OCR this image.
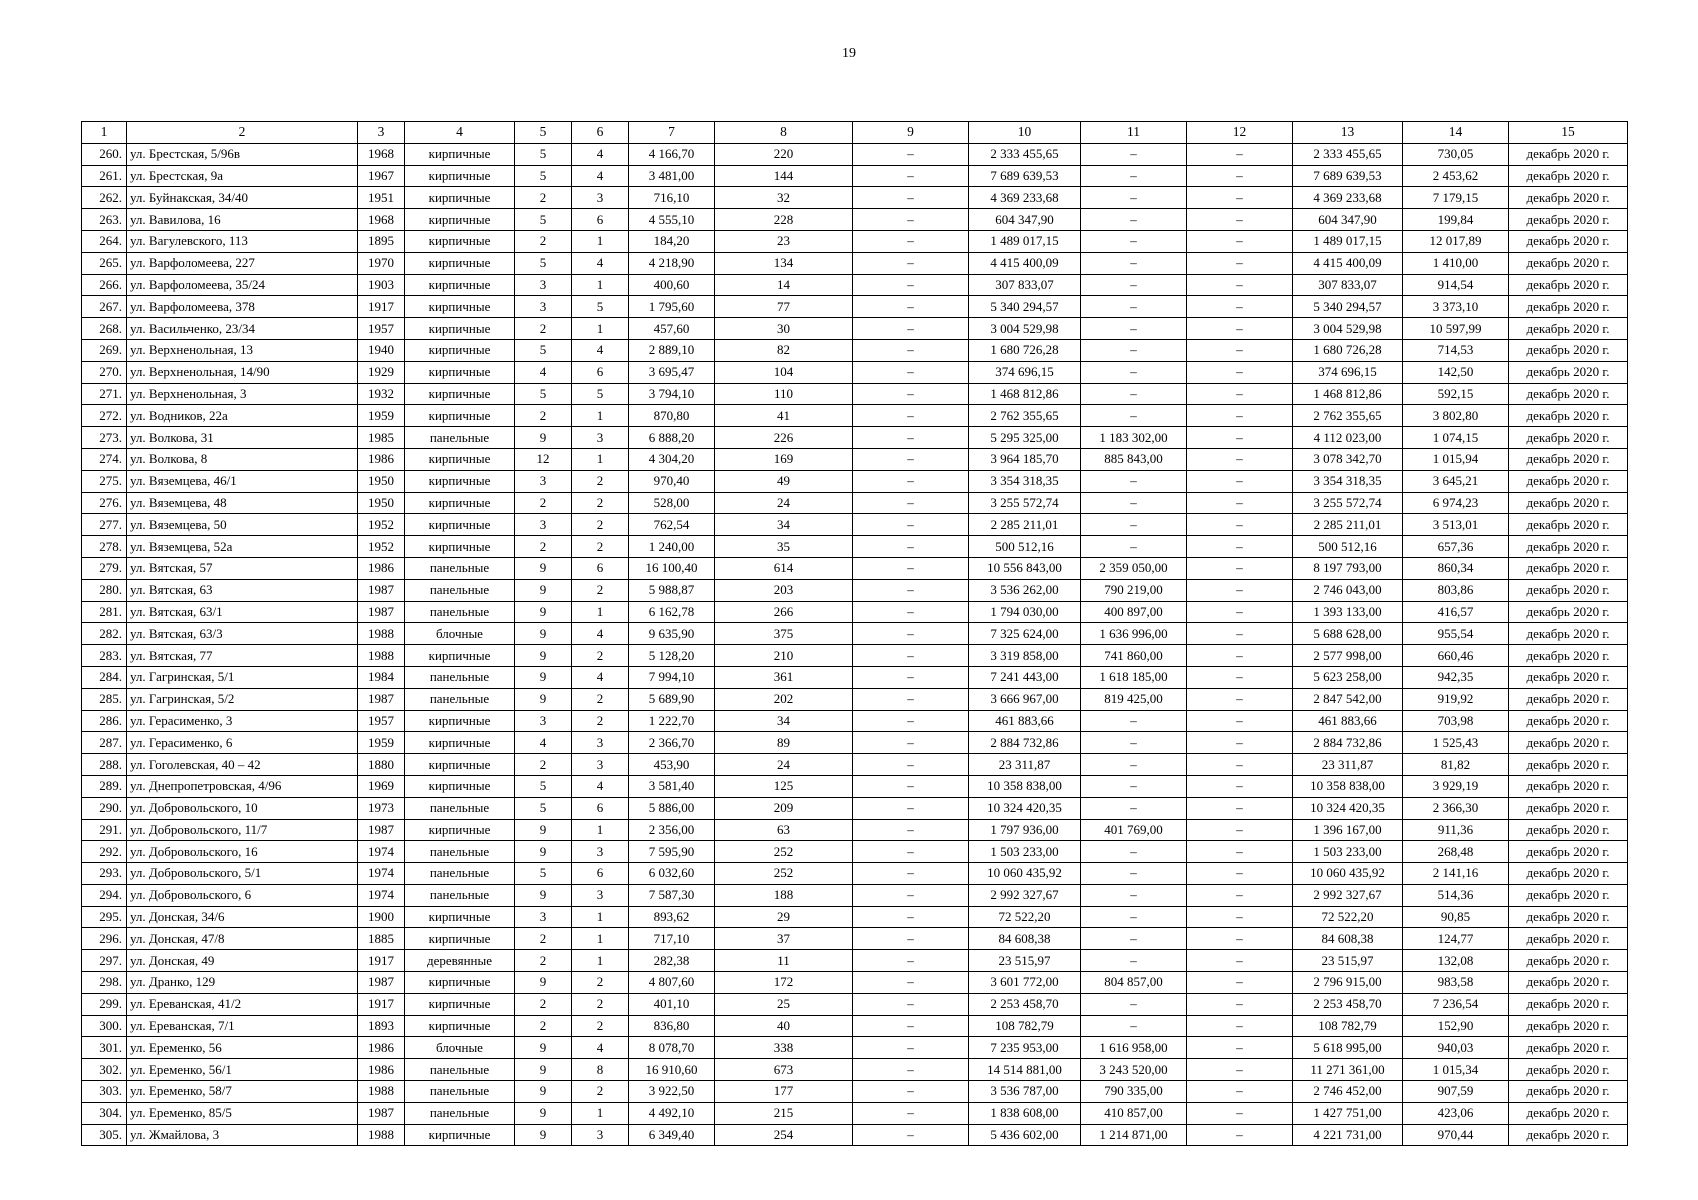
19
1	2	3	4	5	6	7	8	9	10	11	12	13	14	15
260.	ул. Брестская, 5/96в	1968	кирпичные	5	4	4 166,70	220	–	2 333 455,65	–	–	2 333 455,65	730,05	декабрь 2020 г.
261.	ул. Брестская, 9а	1967	кирпичные	5	4	3 481,00	144	–	7 689 639,53	–	–	7 689 639,53	2 453,62	декабрь 2020 г.
262.	ул. Буйнакская, 34/40	1951	кирпичные	2	3	716,10	32	–	4 369 233,68	–	–	4 369 233,68	7 179,15	декабрь 2020 г.
263.	ул. Вавилова, 16	1968	кирпичные	5	6	4 555,10	228	–	604 347,90	–	–	604 347,90	199,84	декабрь 2020 г.
264.	ул. Вагулевского, 113	1895	кирпичные	2	1	184,20	23	–	1 489 017,15	–	–	1 489 017,15	12 017,89	декабрь 2020 г.
265.	ул. Варфоломеева, 227	1970	кирпичные	5	4	4 218,90	134	–	4 415 400,09	–	–	4 415 400,09	1 410,00	декабрь 2020 г.
266.	ул. Варфоломеева, 35/24	1903	кирпичные	3	1	400,60	14	–	307 833,07	–	–	307 833,07	914,54	декабрь 2020 г.
267.	ул. Варфоломеева, 378	1917	кирпичные	3	5	1 795,60	77	–	5 340 294,57	–	–	5 340 294,57	3 373,10	декабрь 2020 г.
268.	ул. Васильченко, 23/34	1957	кирпичные	2	1	457,60	30	–	3 004 529,98	–	–	3 004 529,98	10 597,99	декабрь 2020 г.
269.	ул. Верхненольная, 13	1940	кирпичные	5	4	2 889,10	82	–	1 680 726,28	–	–	1 680 726,28	714,53	декабрь 2020 г.
270.	ул. Верхненольная, 14/90	1929	кирпичные	4	6	3 695,47	104	–	374 696,15	–	–	374 696,15	142,50	декабрь 2020 г.
271.	ул. Верхненольная, 3	1932	кирпичные	5	5	3 794,10	110	–	1 468 812,86	–	–	1 468 812,86	592,15	декабрь 2020 г.
272.	ул. Водников, 22а	1959	кирпичные	2	1	870,80	41	–	2 762 355,65	–	–	2 762 355,65	3 802,80	декабрь 2020 г.
273.	ул. Волкова, 31	1985	панельные	9	3	6 888,20	226	–	5 295 325,00	1 183 302,00	–	4 112 023,00	1 074,15	декабрь 2020 г.
274.	ул. Волкова, 8	1986	кирпичные	12	1	4 304,20	169	–	3 964 185,70	885 843,00	–	3 078 342,70	1 015,94	декабрь 2020 г.
275.	ул. Вяземцева, 46/1	1950	кирпичные	3	2	970,40	49	–	3 354 318,35	–	–	3 354 318,35	3 645,21	декабрь 2020 г.
276.	ул. Вяземцева, 48	1950	кирпичные	2	2	528,00	24	–	3 255 572,74	–	–	3 255 572,74	6 974,23	декабрь 2020 г.
277.	ул. Вяземцева, 50	1952	кирпичные	3	2	762,54	34	–	2 285 211,01	–	–	2 285 211,01	3 513,01	декабрь 2020 г.
278.	ул. Вяземцева, 52а	1952	кирпичные	2	2	1 240,00	35	–	500 512,16	–	–	500 512,16	657,36	декабрь 2020 г.
279.	ул. Вятская, 57	1986	панельные	9	6	16 100,40	614	–	10 556 843,00	2 359 050,00	–	8 197 793,00	860,34	декабрь 2020 г.
280.	ул. Вятская, 63	1987	панельные	9	2	5 988,87	203	–	3 536 262,00	790 219,00	–	2 746 043,00	803,86	декабрь 2020 г.
281.	ул. Вятская, 63/1	1987	панельные	9	1	6 162,78	266	–	1 794 030,00	400 897,00	–	1 393 133,00	416,57	декабрь 2020 г.
282.	ул. Вятская, 63/3	1988	блочные	9	4	9 635,90	375	–	7 325 624,00	1 636 996,00	–	5 688 628,00	955,54	декабрь 2020 г.
283.	ул. Вятская, 77	1988	кирпичные	9	2	5 128,20	210	–	3 319 858,00	741 860,00	–	2 577 998,00	660,46	декабрь 2020 г.
284.	ул. Гагринская, 5/1	1984	панельные	9	4	7 994,10	361	–	7 241 443,00	1 618 185,00	–	5 623 258,00	942,35	декабрь 2020 г.
285.	ул. Гагринская, 5/2	1987	панельные	9	2	5 689,90	202	–	3 666 967,00	819 425,00	–	2 847 542,00	919,92	декабрь 2020 г.
286.	ул. Герасименко, 3	1957	кирпичные	3	2	1 222,70	34	–	461 883,66	–	–	461 883,66	703,98	декабрь 2020 г.
287.	ул. Герасименко, 6	1959	кирпичные	4	3	2 366,70	89	–	2 884 732,86	–	–	2 884 732,86	1 525,43	декабрь 2020 г.
288.	ул. Гоголевская, 40 – 42	1880	кирпичные	2	3	453,90	24	–	23 311,87	–	–	23 311,87	81,82	декабрь 2020 г.
289.	ул. Днепропетровская, 4/96	1969	кирпичные	5	4	3 581,40	125	–	10 358 838,00	–	–	10 358 838,00	3 929,19	декабрь 2020 г.
290.	ул. Добровольского, 10	1973	панельные	5	6	5 886,00	209	–	10 324 420,35	–	–	10 324 420,35	2 366,30	декабрь 2020 г.
291.	ул. Добровольского, 11/7	1987	кирпичные	9	1	2 356,00	63	–	1 797 936,00	401 769,00	–	1 396 167,00	911,36	декабрь 2020 г.
292.	ул. Добровольского, 16	1974	панельные	9	3	7 595,90	252	–	1 503 233,00	–	–	1 503 233,00	268,48	декабрь 2020 г.
293.	ул. Добровольского, 5/1	1974	панельные	5	6	6 032,60	252	–	10 060 435,92	–	–	10 060 435,92	2 141,16	декабрь 2020 г.
294.	ул. Добровольского, 6	1974	панельные	9	3	7 587,30	188	–	2 992 327,67	–	–	2 992 327,67	514,36	декабрь 2020 г.
295.	ул. Донская, 34/6	1900	кирпичные	3	1	893,62	29	–	72 522,20	–	–	72 522,20	90,85	декабрь 2020 г.
296.	ул. Донская, 47/8	1885	кирпичные	2	1	717,10	37	–	84 608,38	–	–	84 608,38	124,77	декабрь 2020 г.
297.	ул. Донская, 49	1917	деревянные	2	1	282,38	11	–	23 515,97	–	–	23 515,97	132,08	декабрь 2020 г.
298.	ул. Дранко, 129	1987	кирпичные	9	2	4 807,60	172	–	3 601 772,00	804 857,00	–	2 796 915,00	983,58	декабрь 2020 г.
299.	ул. Ереванская, 41/2	1917	кирпичные	2	2	401,10	25	–	2 253 458,70	–	–	2 253 458,70	7 236,54	декабрь 2020 г.
300.	ул. Ереванская, 7/1	1893	кирпичные	2	2	836,80	40	–	108 782,79	–	–	108 782,79	152,90	декабрь 2020 г.
301.	ул. Еременко, 56	1986	блочные	9	4	8 078,70	338	–	7 235 953,00	1 616 958,00	–	5 618 995,00	940,03	декабрь 2020 г.
302.	ул. Еременко, 56/1	1986	панельные	9	8	16 910,60	673	–	14 514 881,00	3 243 520,00	–	11 271 361,00	1 015,34	декабрь 2020 г.
303.	ул. Еременко, 58/7	1988	панельные	9	2	3 922,50	177	–	3 536 787,00	790 335,00	–	2 746 452,00	907,59	декабрь 2020 г.
304.	ул. Еременко, 85/5	1987	панельные	9	1	4 492,10	215	–	1 838 608,00	410 857,00	–	1 427 751,00	423,06	декабрь 2020 г.
305.	ул. Жмайлова, 3	1988	кирпичные	9	3	6 349,40	254	–	5 436 602,00	1 214 871,00	–	4 221 731,00	970,44	декабрь 2020 г.
